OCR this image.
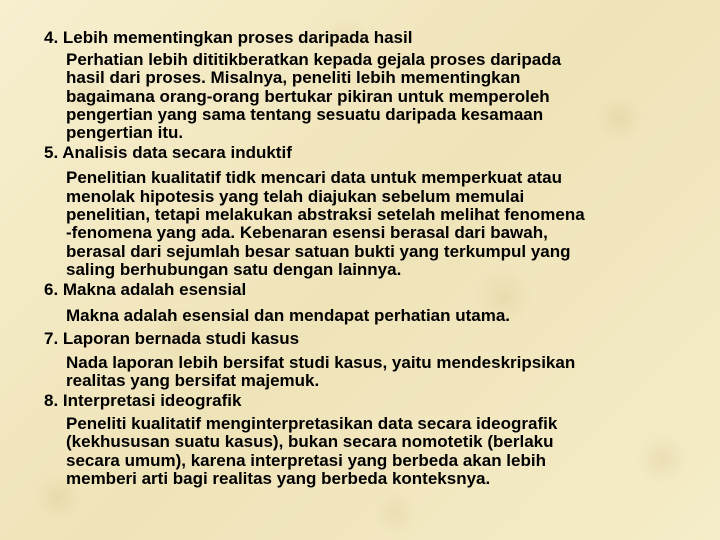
4. Lebih mementingkan proses daripada hasil

Perhatian lebih dititikberatkan kepada gejala proses daripada
hasil dari proses. Misalnya, peneliti lebih mementingkan
bagaimana orang-orang bertukar pikiran untuk memperoleh
pengertian yang sama tentang sesuatu daripada kesamaan
pengertian itu.

5. Analisis data secara induktif

Penelitian kualitatif tidk mencari data untuk memperkuat atau
menolak hipotesis yang telah diajukan sebelum memulai
penelitian, tetapi melakukan abstraksi setelah melihat fenomena
-fenomena yang ada. Kebenaran esensi berasal dari bawah,
berasal dari sejumlah besar satuan bukti yang terkumpul yang
saling berhubungan satu dengan lainnya.

6. Makna adalah esensial

Makna adalah esensial dan mendapat perhatian utama.

7. Laporan bernada studi kasus

Nada laporan lebih bersifat studi kasus, yaitu mendeskripsikan
realitas yang bersifat majemuk.

8. Interpretasi ideografik

Peneliti kualitatif menginterpretasikan data secara ideografik
(kekhususan suatu kasus), bukan secara nomotetik (berlaku
secara umum), karena interpretasi yang berbeda akan lebih
memberi arti bagi realitas yang berbeda konteksnya.
